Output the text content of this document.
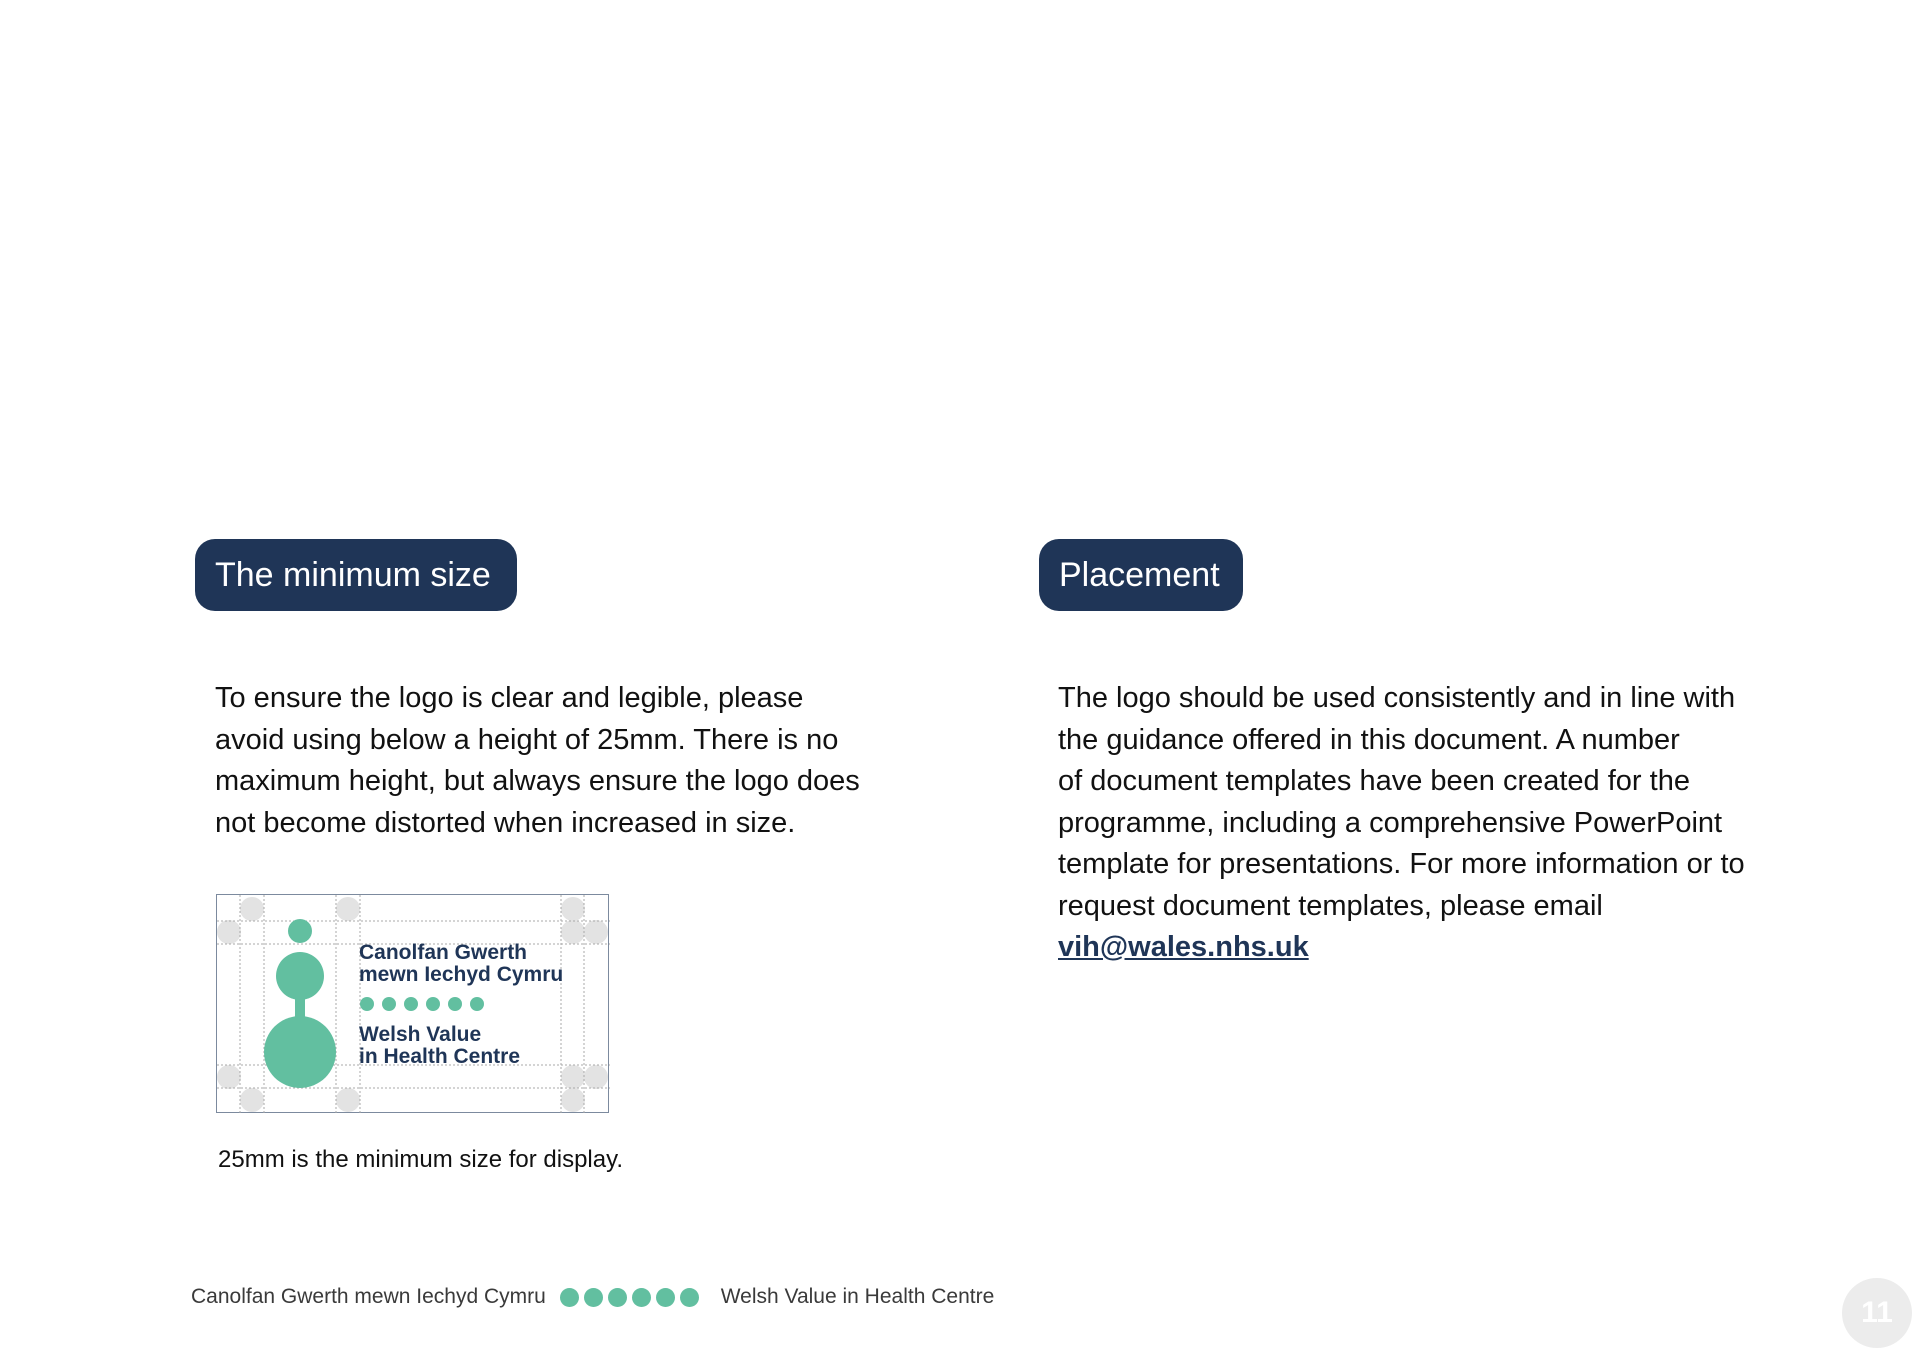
The minimum size	Placement
To ensure the logo is clear and legible, please
avoid using below a height of 25mm. There is no
maximum height, but always ensure the logo does
not become distorted when increased in size.
The logo should be used consistently and in line with
the guidance offered in this document. A number
of document templates have been created for the
programme, including a comprehensive PowerPoint
template for presentations. For more information or to
request document templates, please email
vih@wales.nhs.uk
Canolfan Gwerth
mewn Iechyd Cymru
Welsh Value
in Health Centre
25mm is the minimum size for display.
Canolfan Gwerth mewn Iechyd Cymru	Welsh Value in Health Centre	11
